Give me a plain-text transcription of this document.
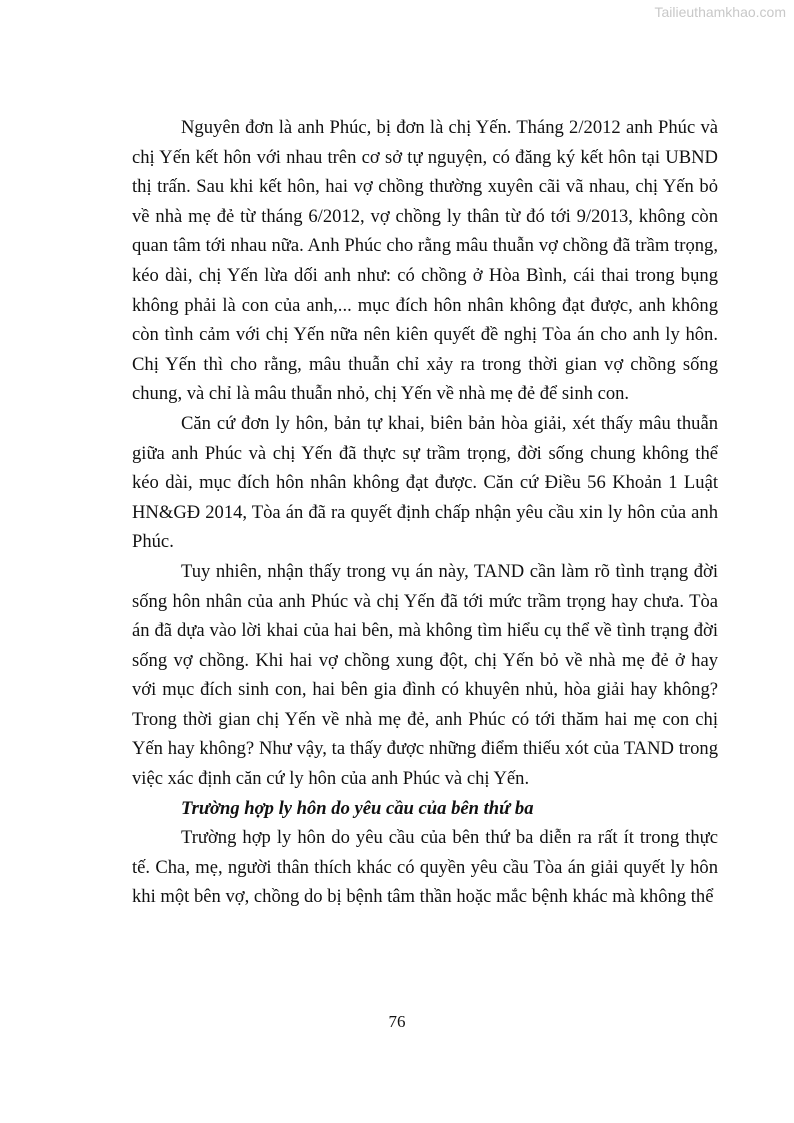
Tailieuthamkhao.com

Nguyên đơn là anh Phúc, bị đơn là chị Yến. Tháng 2/2012 anh Phúc và chị Yến kết hôn với nhau trên cơ sở tự nguyện, có đăng ký kết hôn tại UBND thị trấn. Sau khi kết hôn, hai vợ chồng thường xuyên cãi vã nhau, chị Yến bỏ về nhà mẹ đẻ từ tháng 6/2012, vợ chồng ly thân từ đó tới 9/2013, không còn quan tâm tới nhau nữa. Anh Phúc cho rằng mâu thuẫn vợ chồng đã trầm trọng, kéo dài, chị Yến lừa dối anh như: có chồng ở Hòa Bình, cái thai trong bụng không phải là con của anh,... mục đích hôn nhân không đạt được, anh không còn tình cảm với chị Yến nữa nên kiên quyết đề nghị Tòa án cho anh ly hôn. Chị Yến thì cho rằng, mâu thuẫn chỉ xảy ra trong thời gian vợ chồng sống chung, và chỉ là mâu thuẫn nhỏ, chị Yến về nhà mẹ đẻ để sinh con.

Căn cứ đơn ly hôn, bản tự khai, biên bản hòa giải, xét thấy mâu thuẫn giữa anh Phúc và chị Yến đã thực sự trầm trọng, đời sống chung không thể kéo dài, mục đích hôn nhân không đạt được. Căn cứ Điều 56 Khoản 1 Luật HN&GĐ 2014, Tòa án đã ra quyết định chấp nhận yêu cầu xin ly hôn của anh Phúc.

Tuy nhiên, nhận thấy trong vụ án này, TAND cần làm rõ tình trạng đời sống hôn nhân của anh Phúc và chị Yến đã tới mức trầm trọng hay chưa. Tòa án đã dựa vào lời khai của hai bên, mà không tìm hiểu cụ thể về tình trạng đời sống vợ chồng. Khi hai vợ chồng xung đột, chị Yến bỏ về nhà mẹ đẻ ở hay với mục đích sinh con, hai bên gia đình có khuyên nhủ, hòa giải hay không? Trong thời gian chị Yến về nhà mẹ đẻ, anh Phúc có tới thăm hai mẹ con chị Yến hay không? Như vậy, ta thấy được những điểm thiếu xót của TAND trong việc xác định căn cứ ly hôn của anh Phúc và chị Yến.

Trường hợp ly hôn do yêu cầu của bên thứ ba

Trường hợp ly hôn do yêu cầu của bên thứ ba diễn ra rất ít trong thực tế. Cha, mẹ, người thân thích khác có quyền yêu cầu Tòa án giải quyết ly hôn khi một bên vợ, chồng do bị bệnh tâm thần hoặc mắc bệnh khác mà không thể

76
